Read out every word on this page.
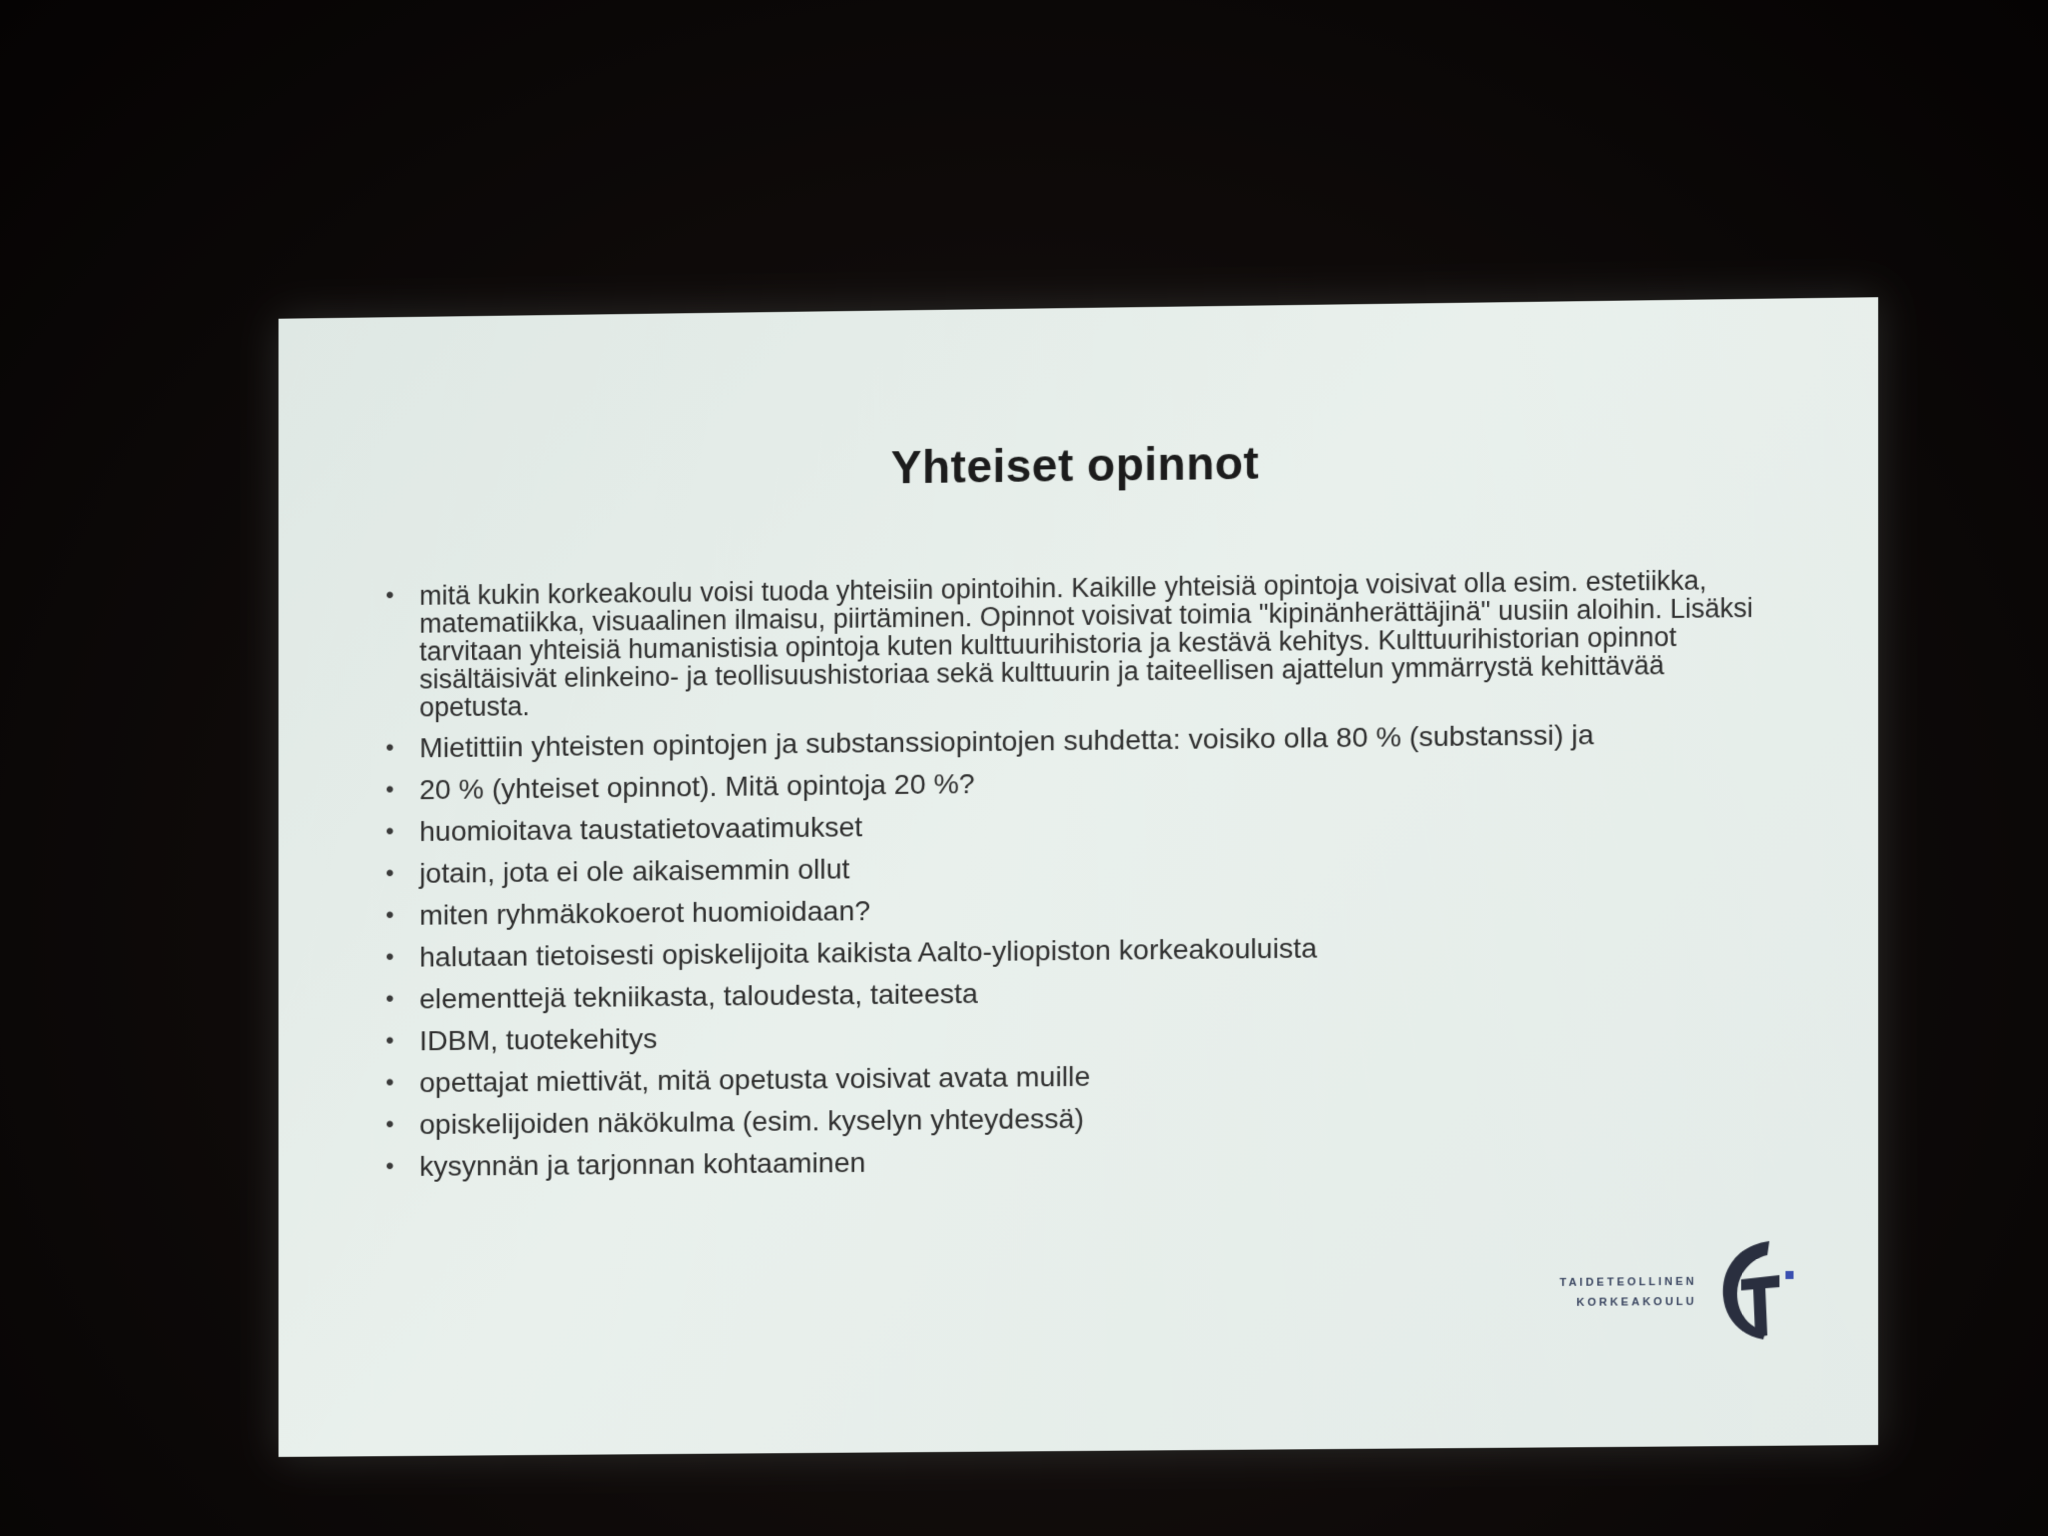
Yhteiset opinnot
• mitä kukin korkeakoulu voisi tuoda yhteisiin opintoihin. Kaikille yhteisiä opintoja voisivat olla esim. estetiikka, matematiikka, visuaalinen ilmaisu, piirtäminen. Opinnot voisivat toimia "kipinänherättäjinä" uusiin aloihin. Lisäksi tarvitaan yhteisiä humanistisia opintoja kuten kulttuurihistoria ja kestävä kehitys. Kulttuurihistorian opinnot sisältäisivät elinkeino- ja teollisuushistoriaa sekä kulttuurin ja taiteellisen ajattelun ymmärrystä kehittävää opetusta.
• Mietittiin yhteisten opintojen ja substanssiopintojen suhdetta: voisiko olla 80 % (substanssi) ja
• 20 % (yhteiset opinnot). Mitä opintoja 20 %?
• huomioitava taustatietovaatimukset
• jotain, jota ei ole aikaisemmin ollut
• miten ryhmäkokoerot huomioidaan?
• halutaan tietoisesti opiskelijoita kaikista Aalto-yliopiston korkeakouluista
• elementtejä tekniikasta, taloudesta, taiteesta
• IDBM, tuotekehitys
• opettajat miettivät, mitä opetusta voisivat avata muille
• opiskelijoiden näkökulma (esim. kyselyn yhteydessä)
• kysynnän ja tarjonnan kohtaaminen
TAIDETEOLLINEN
KORKEAKOULU
